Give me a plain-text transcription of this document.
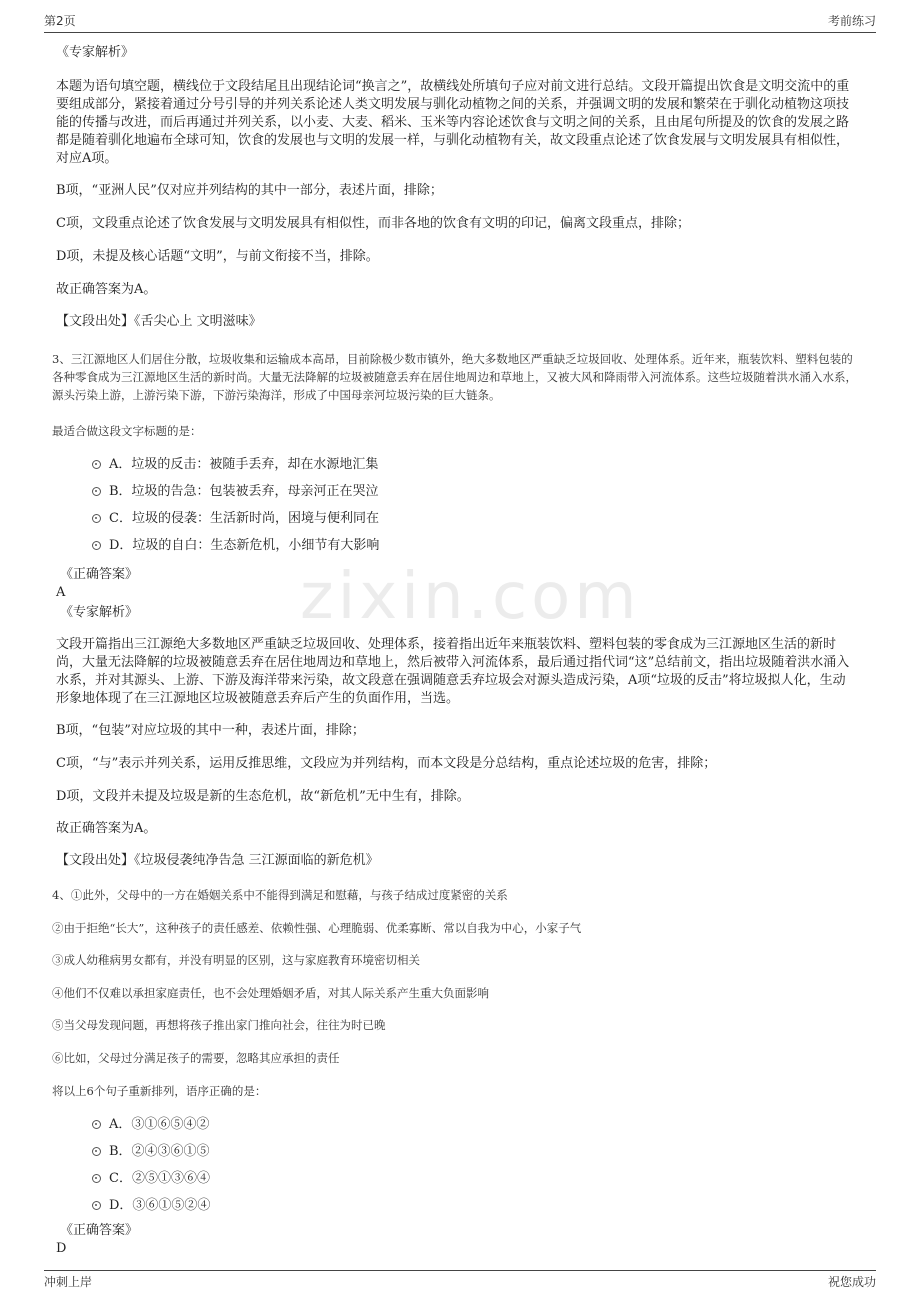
第2页	考前练习
zixin.com
《专家解析》
本题为语句填空题，横线位于文段结尾且出现结论词“换言之”，故横线处所填句子应对前文进行总结。文段开篇提出饮食是文明交流中的重要组成部分，紧接着通过分号引导的并列关系论述人类文明发展与驯化动植物之间的关系，并强调文明的发展和繁荣在于驯化动植物这项技能的传播与改进，而后再通过并列关系，以小麦、大麦、稻米、玉米等内容论述饮食与文明之间的关系，且由尾句所提及的饮食的发展之路都是随着驯化地遍布全球可知，饮食的发展也与文明的发展一样，与驯化动植物有关，故文段重点论述了饮食发展与文明发展具有相似性，对应A项。
B项，“亚洲人民”仅对应并列结构的其中一部分，表述片面，排除；
C项，文段重点论述了饮食发展与文明发展具有相似性，而非各地的饮食有文明的印记，偏离文段重点，排除；
D项，未提及核心话题“文明”，与前文衔接不当，排除。
故正确答案为A。
【文段出处】《舌尖心上 文明滋味》
3、三江源地区人们居住分散，垃圾收集和运输成本高昂，目前除极少数市镇外，绝大多数地区严重缺乏垃圾回收、处理体系。近年来，瓶装饮料、塑料包装的各种零食成为三江源地区生活的新时尚。大量无法降解的垃圾被随意丢弃在居住地周边和草地上，又被大风和降雨带入河流体系。这些垃圾随着洪水涌入水系，源头污染上游，上游污染下游，下游污染海洋，形成了中国母亲河垃圾污染的巨大链条。
最适合做这段文字标题的是：
A．垃圾的反击：被随手丢弃，却在水源地汇集
B．垃圾的告急：包装被丢弃，母亲河正在哭泣
C．垃圾的侵袭：生活新时尚，困境与便利同在
D．垃圾的自白：生态新危机，小细节有大影响
《正确答案》
A
《专家解析》
文段开篇指出三江源绝大多数地区严重缺乏垃圾回收、处理体系，接着指出近年来瓶装饮料、塑料包装的零食成为三江源地区生活的新时尚，大量无法降解的垃圾被随意丢弃在居住地周边和草地上，然后被带入河流体系，最后通过指代词“这”总结前文，指出垃圾随着洪水涌入水系，并对其源头、上游、下游及海洋带来污染，故文段意在强调随意丢弃垃圾会对源头造成污染，A项“垃圾的反击”将垃圾拟人化，生动形象地体现了在三江源地区垃圾被随意丢弃后产生的负面作用，当选。
B项，“包装”对应垃圾的其中一种，表述片面，排除；
C项，“与”表示并列关系，运用反推思维，文段应为并列结构，而本文段是分总结构，重点论述垃圾的危害，排除；
D项，文段并未提及垃圾是新的生态危机，故“新危机”无中生有，排除。
故正确答案为A。
【文段出处】《垃圾侵袭纯净告急 三江源面临的新危机》
4、①此外，父母中的一方在婚姻关系中不能得到满足和慰藉，与孩子结成过度紧密的关系
②由于拒绝“长大”，这种孩子的责任感差、依赖性强、心理脆弱、优柔寡断、常以自我为中心，小家子气
③成人幼稚病男女都有，并没有明显的区别，这与家庭教育环境密切相关
④他们不仅难以承担家庭责任，也不会处理婚姻矛盾，对其人际关系产生重大负面影响
⑤当父母发现问题，再想将孩子推出家门推向社会，往往为时已晚
⑥比如，父母过分满足孩子的需要，忽略其应承担的责任
将以上6个句子重新排列，语序正确的是：
A．③①⑥⑤④②
B．②④③⑥①⑤
C．②⑤①③⑥④
D．③⑥①⑤②④
《正确答案》
D
冲刺上岸	祝您成功
